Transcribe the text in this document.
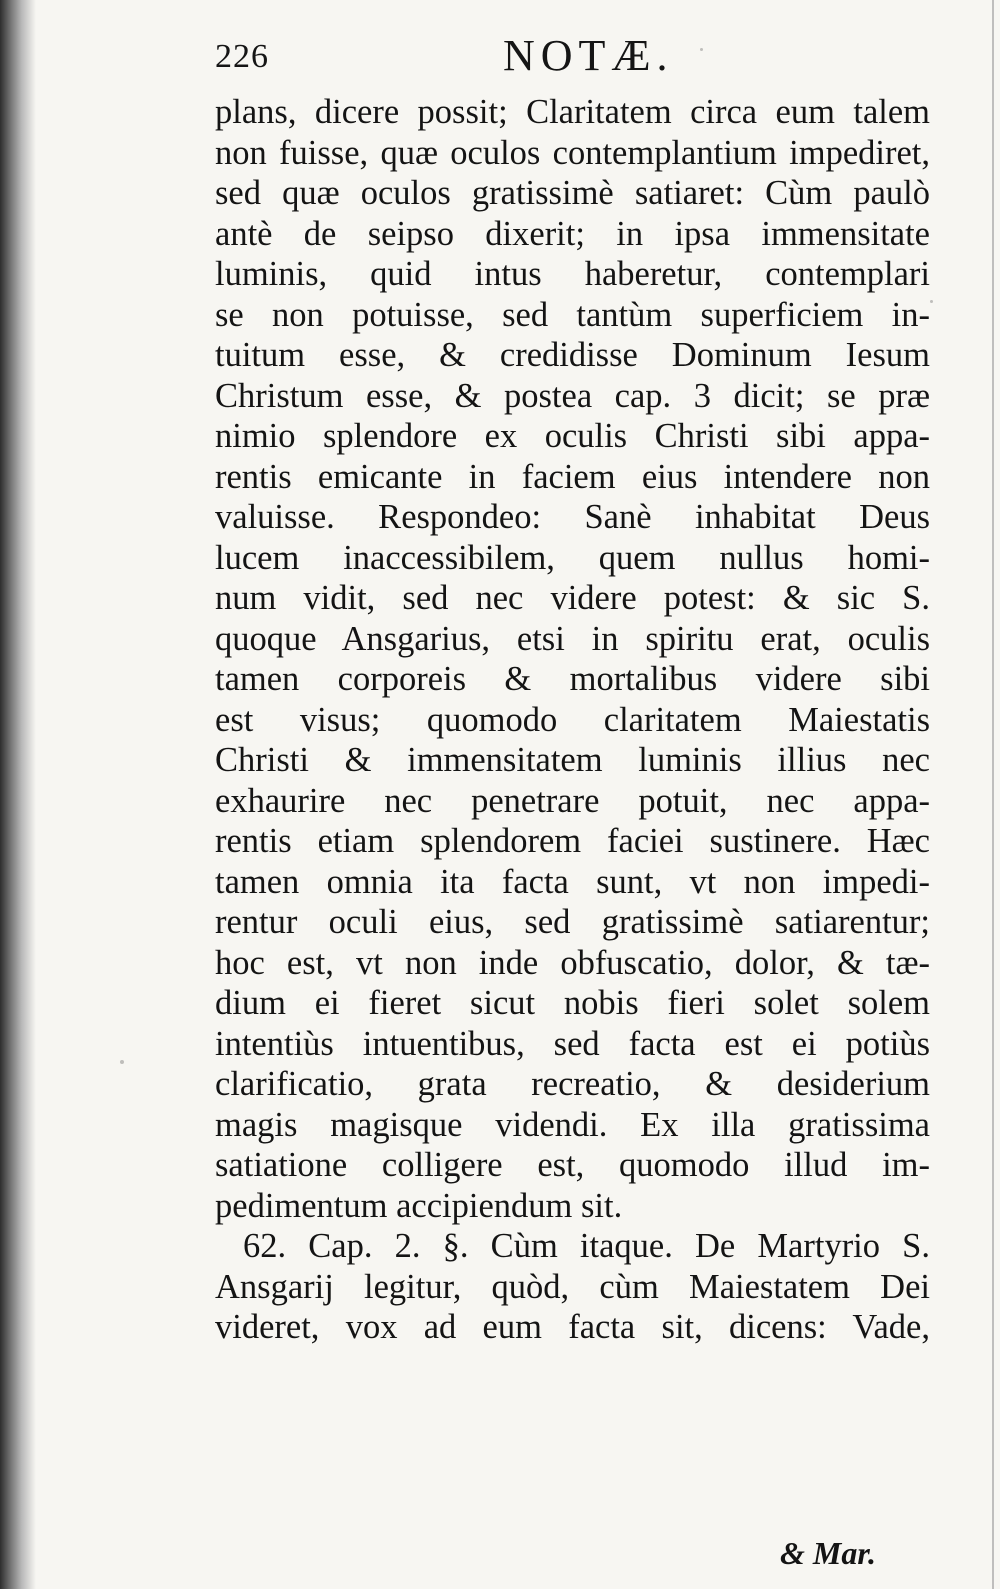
226	NOTÆ.
plans, dicere possit; Claritatem circa eum talem
non fuisse, quæ oculos contemplantium impediret,
sed quæ oculos gratissimè satiaret: Cùm paulò
antè de seipso dixerit; in ipsa immensitate
luminis, quid intus haberetur, contemplari
se non potuisse, sed tantùm superficiem in-
tuitum esse, & credidisse Dominum Iesum
Christum esse, & postea cap. 3 dicit; se præ
nimio splendore ex oculis Christi sibi appa-
rentis emicante in faciem eius intendere non
valuisse. Respondeo: Sanè inhabitat Deus
lucem inaccessibilem, quem nullus homi-
num vidit, sed nec videre potest: & sic S.
quoque Ansgarius, etsi in spiritu erat, oculis
tamen corporeis & mortalibus videre sibi
est visus; quomodo claritatem Maiestatis
Christi & immensitatem luminis illius nec
exhaurire nec penetrare potuit, nec appa-
rentis etiam splendorem faciei sustinere. Hæc
tamen omnia ita facta sunt, vt non impedi-
rentur oculi eius, sed gratissimè satiarentur;
hoc est, vt non inde obfuscatio, dolor, & tæ-
dium ei fieret sicut nobis fieri solet solem
intentiùs intuentibus, sed facta est ei potiùs
clarificatio, grata recreatio, & desiderium
magis magisque videndi. Ex illa gratissima
satiatione colligere est, quomodo illud im-
pedimentum accipiendum sit.
62. Cap. 2. §. Cùm itaque. De Martyrio S.
Ansgarij legitur, quòd, cùm Maiestatem Dei
videret, vox ad eum facta sit, dicens: Vade,
& Mar.
